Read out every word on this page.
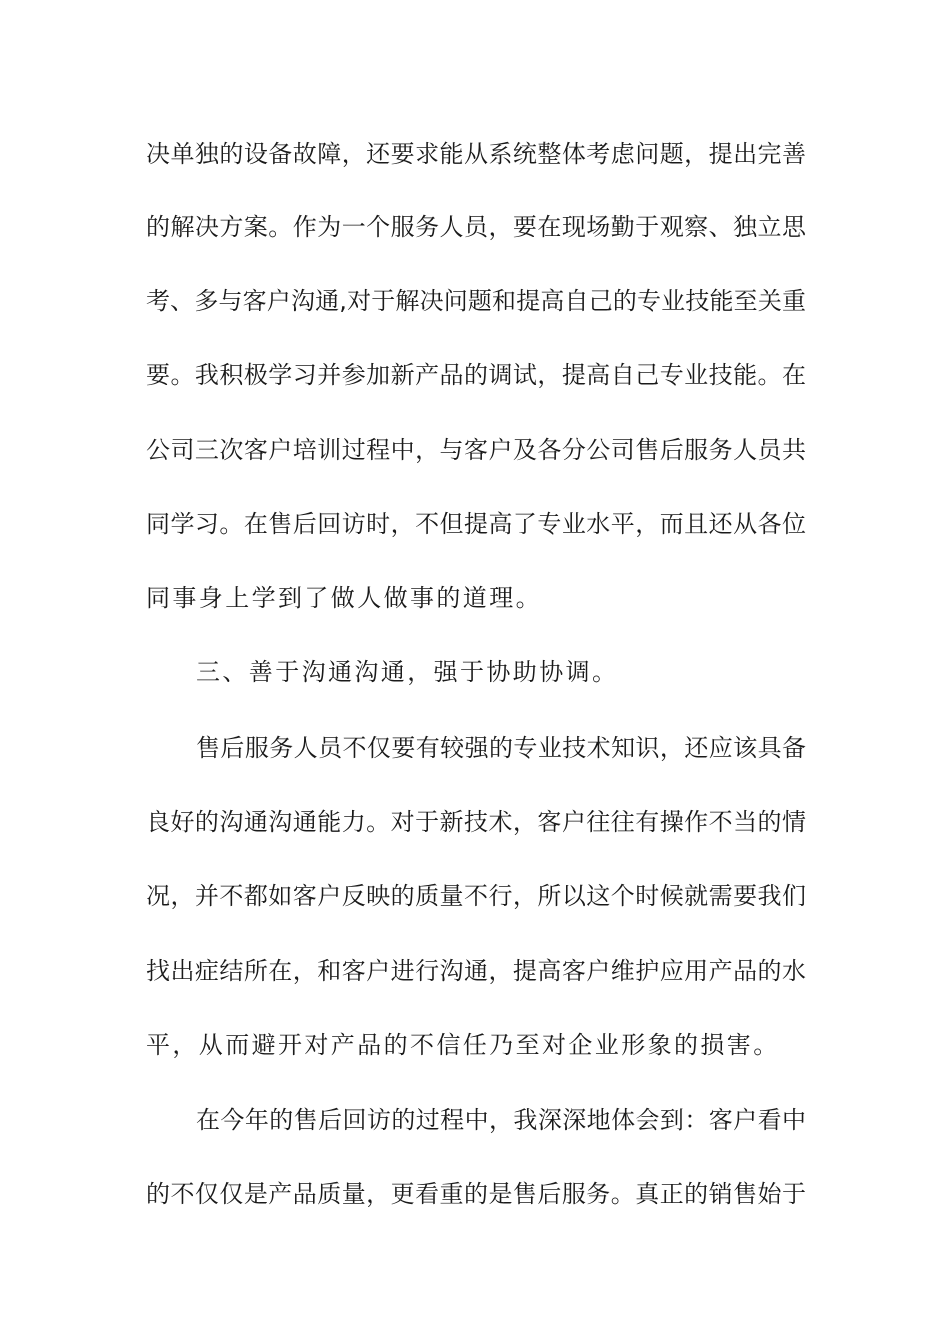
决单独的设备故障，还要求能从系统整体考虑问题，提出完善
的解决方案。作为一个服务人员，要在现场勤于观察、独立思
考、多与客户沟通,对于解决问题和提高自己的专业技能至关重
要。我积极学习并参加新产品的调试，提高自己专业技能。在
公司三次客户培训过程中，与客户及各分公司售后服务人员共
同学习。在售后回访时，不但提高了专业水平，而且还从各位
同事身上学到了做人做事的道理。
三、善于沟通沟通，强于协助协调。
售后服务人员不仅要有较强的专业技术知识，还应该具备
良好的沟通沟通能力。对于新技术，客户往往有操作不当的情
况，并不都如客户反映的质量不行，所以这个时候就需要我们
找出症结所在，和客户进行沟通，提高客户维护应用产品的水
平，从而避开对产品的不信任乃至对企业形象的损害。
在今年的售后回访的过程中，我深深地体会到：客户看中
的不仅仅是产品质量，更看重的是售后服务。真正的销售始于
